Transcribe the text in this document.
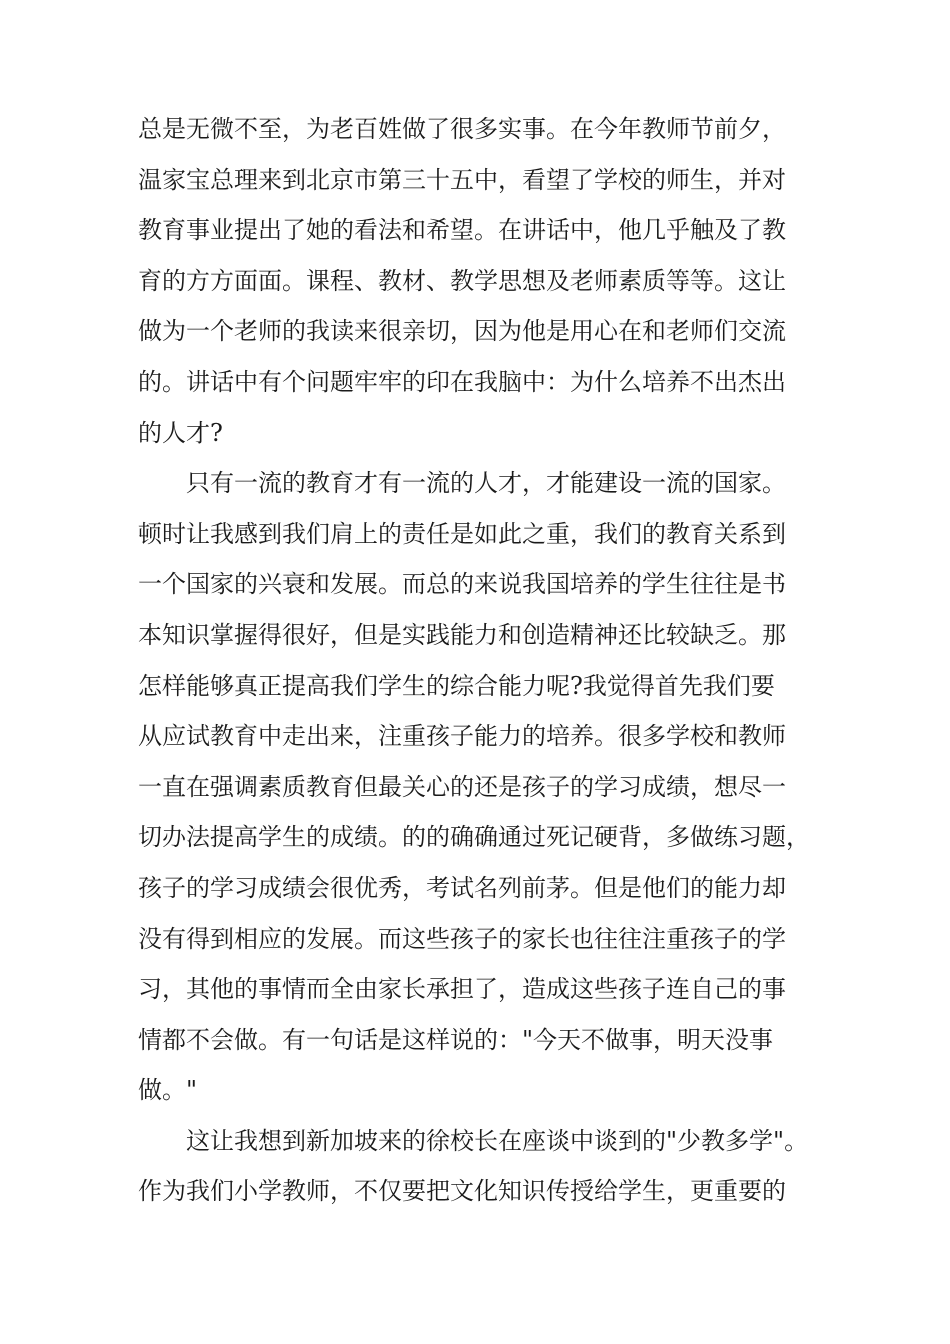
总是无微不至，为老百姓做了很多实事。在今年教师节前夕，
温家宝总理来到北京市第三十五中，看望了学校的师生，并对
教育事业提出了她的看法和希望。在讲话中，他几乎触及了教
育的方方面面。课程、教材、教学思想及老师素质等等。这让
做为一个老师的我读来很亲切，因为他是用心在和老师们交流
的。讲话中有个问题牢牢的印在我脑中：为什么培养不出杰出
的人才?
只有一流的教育才有一流的人才，才能建设一流的国家。
顿时让我感到我们肩上的责任是如此之重，我们的教育关系到
一个国家的兴衰和发展。而总的来说我国培养的学生往往是书
本知识掌握得很好，但是实践能力和创造精神还比较缺乏。那
怎样能够真正提高我们学生的综合能力呢?我觉得首先我们要
从应试教育中走出来，注重孩子能力的培养。很多学校和教师
一直在强调素质教育但最关心的还是孩子的学习成绩，想尽一
切办法提高学生的成绩。的的确确通过死记硬背，多做练习题，
孩子的学习成绩会很优秀，考试名列前茅。但是他们的能力却
没有得到相应的发展。而这些孩子的家长也往往注重孩子的学
习，其他的事情而全由家长承担了，造成这些孩子连自己的事
情都不会做。有一句话是这样说的："今天不做事，明天没事
做。"
这让我想到新加坡来的徐校长在座谈中谈到的"少教多学"。
作为我们小学教师，不仅要把文化知识传授给学生，更重要的
